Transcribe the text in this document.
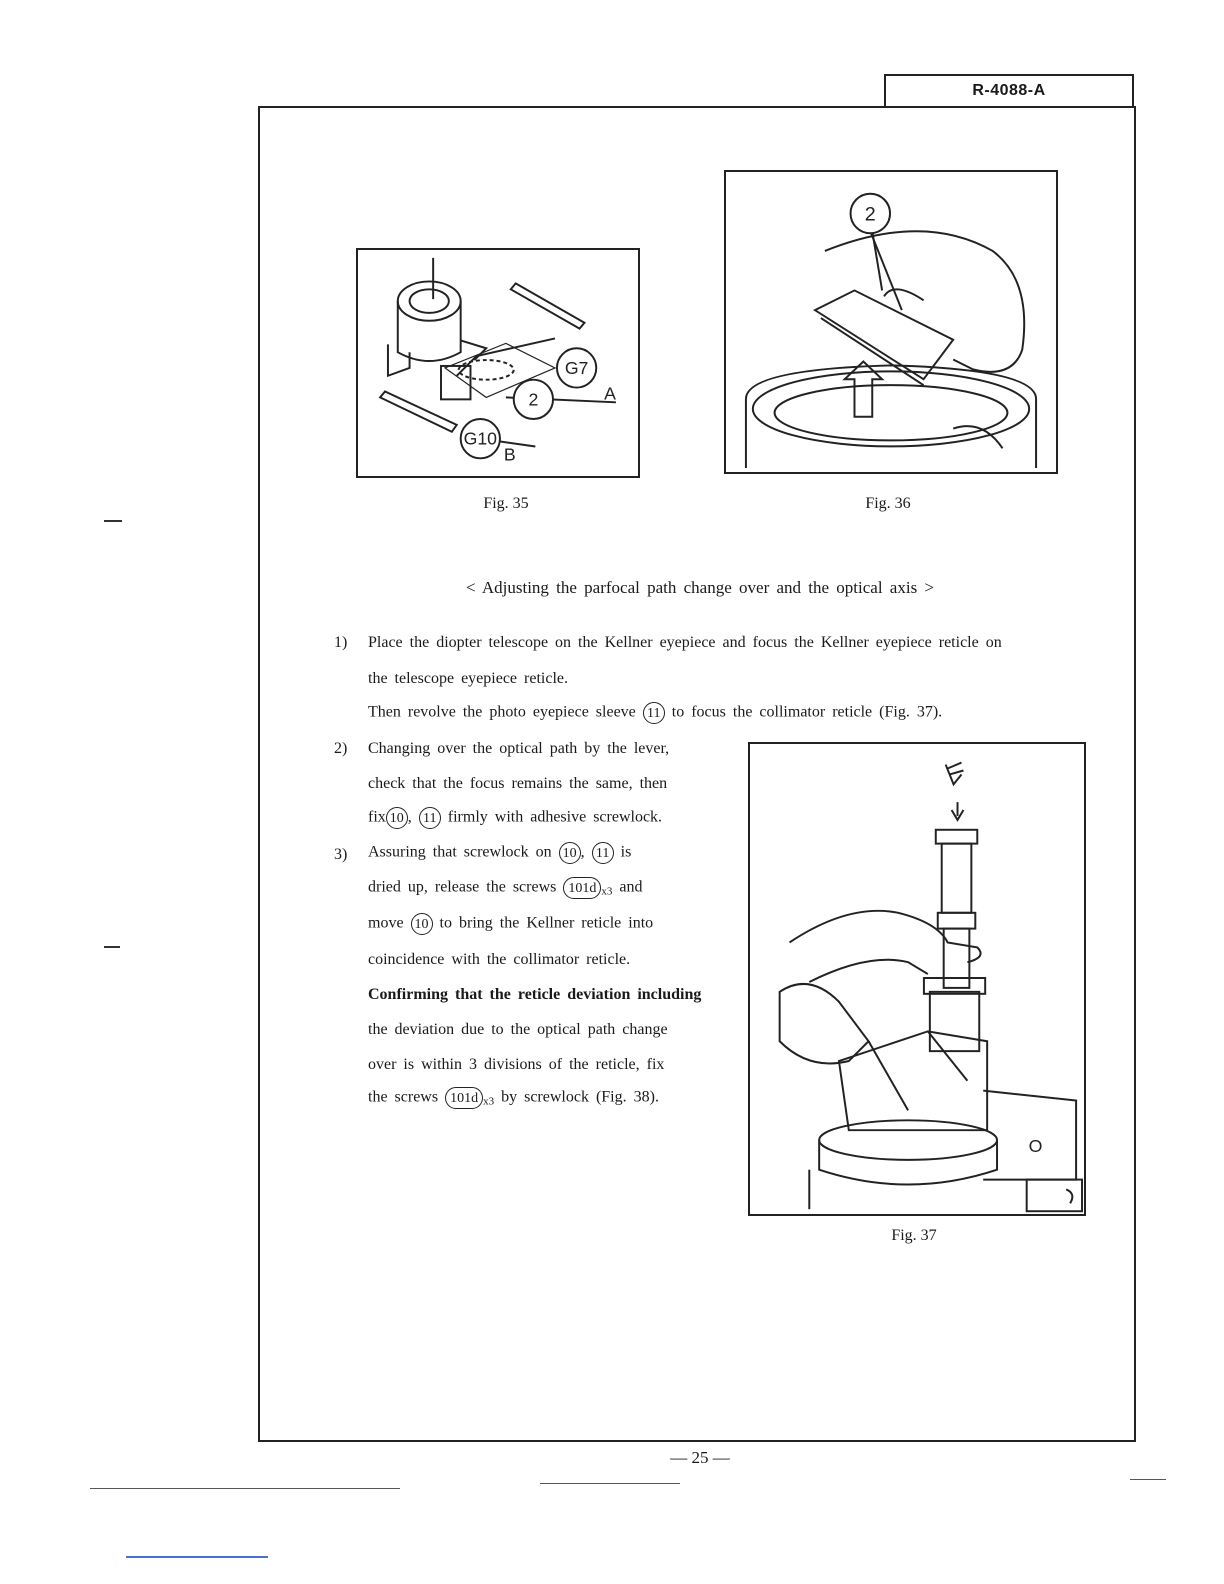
R-4088-A
G7
2
G10
A
B
Fig. 35
2
Fig. 36
< Adjusting the parfocal path change over and the optical axis >
1) Place the diopter telescope on the Kellner eyepiece and focus the Kellner eyepiece reticle on
the telescope eyepiece reticle.
Then revolve the photo eyepiece sleeve 11 to focus the collimator reticle (Fig. 37).
2) Changing over the optical path by the lever,
check that the focus remains the same, then
fix 10 , 11 firmly with adhesive screwlock.
3) Assuring that screwlock on 10 , 11 is
dried up, release the screws 101d $_{x3}$ and
move 10 to bring the Kellner reticle into
coincidence with the collimator reticle.
Confirming that the reticle deviation including
the deviation due to the optical path change
over is within 3 divisions of the reticle, fix
the screws 101d $_{x3}$ by screwlock (Fig. 38).
O
Fig. 37
— 25 —
